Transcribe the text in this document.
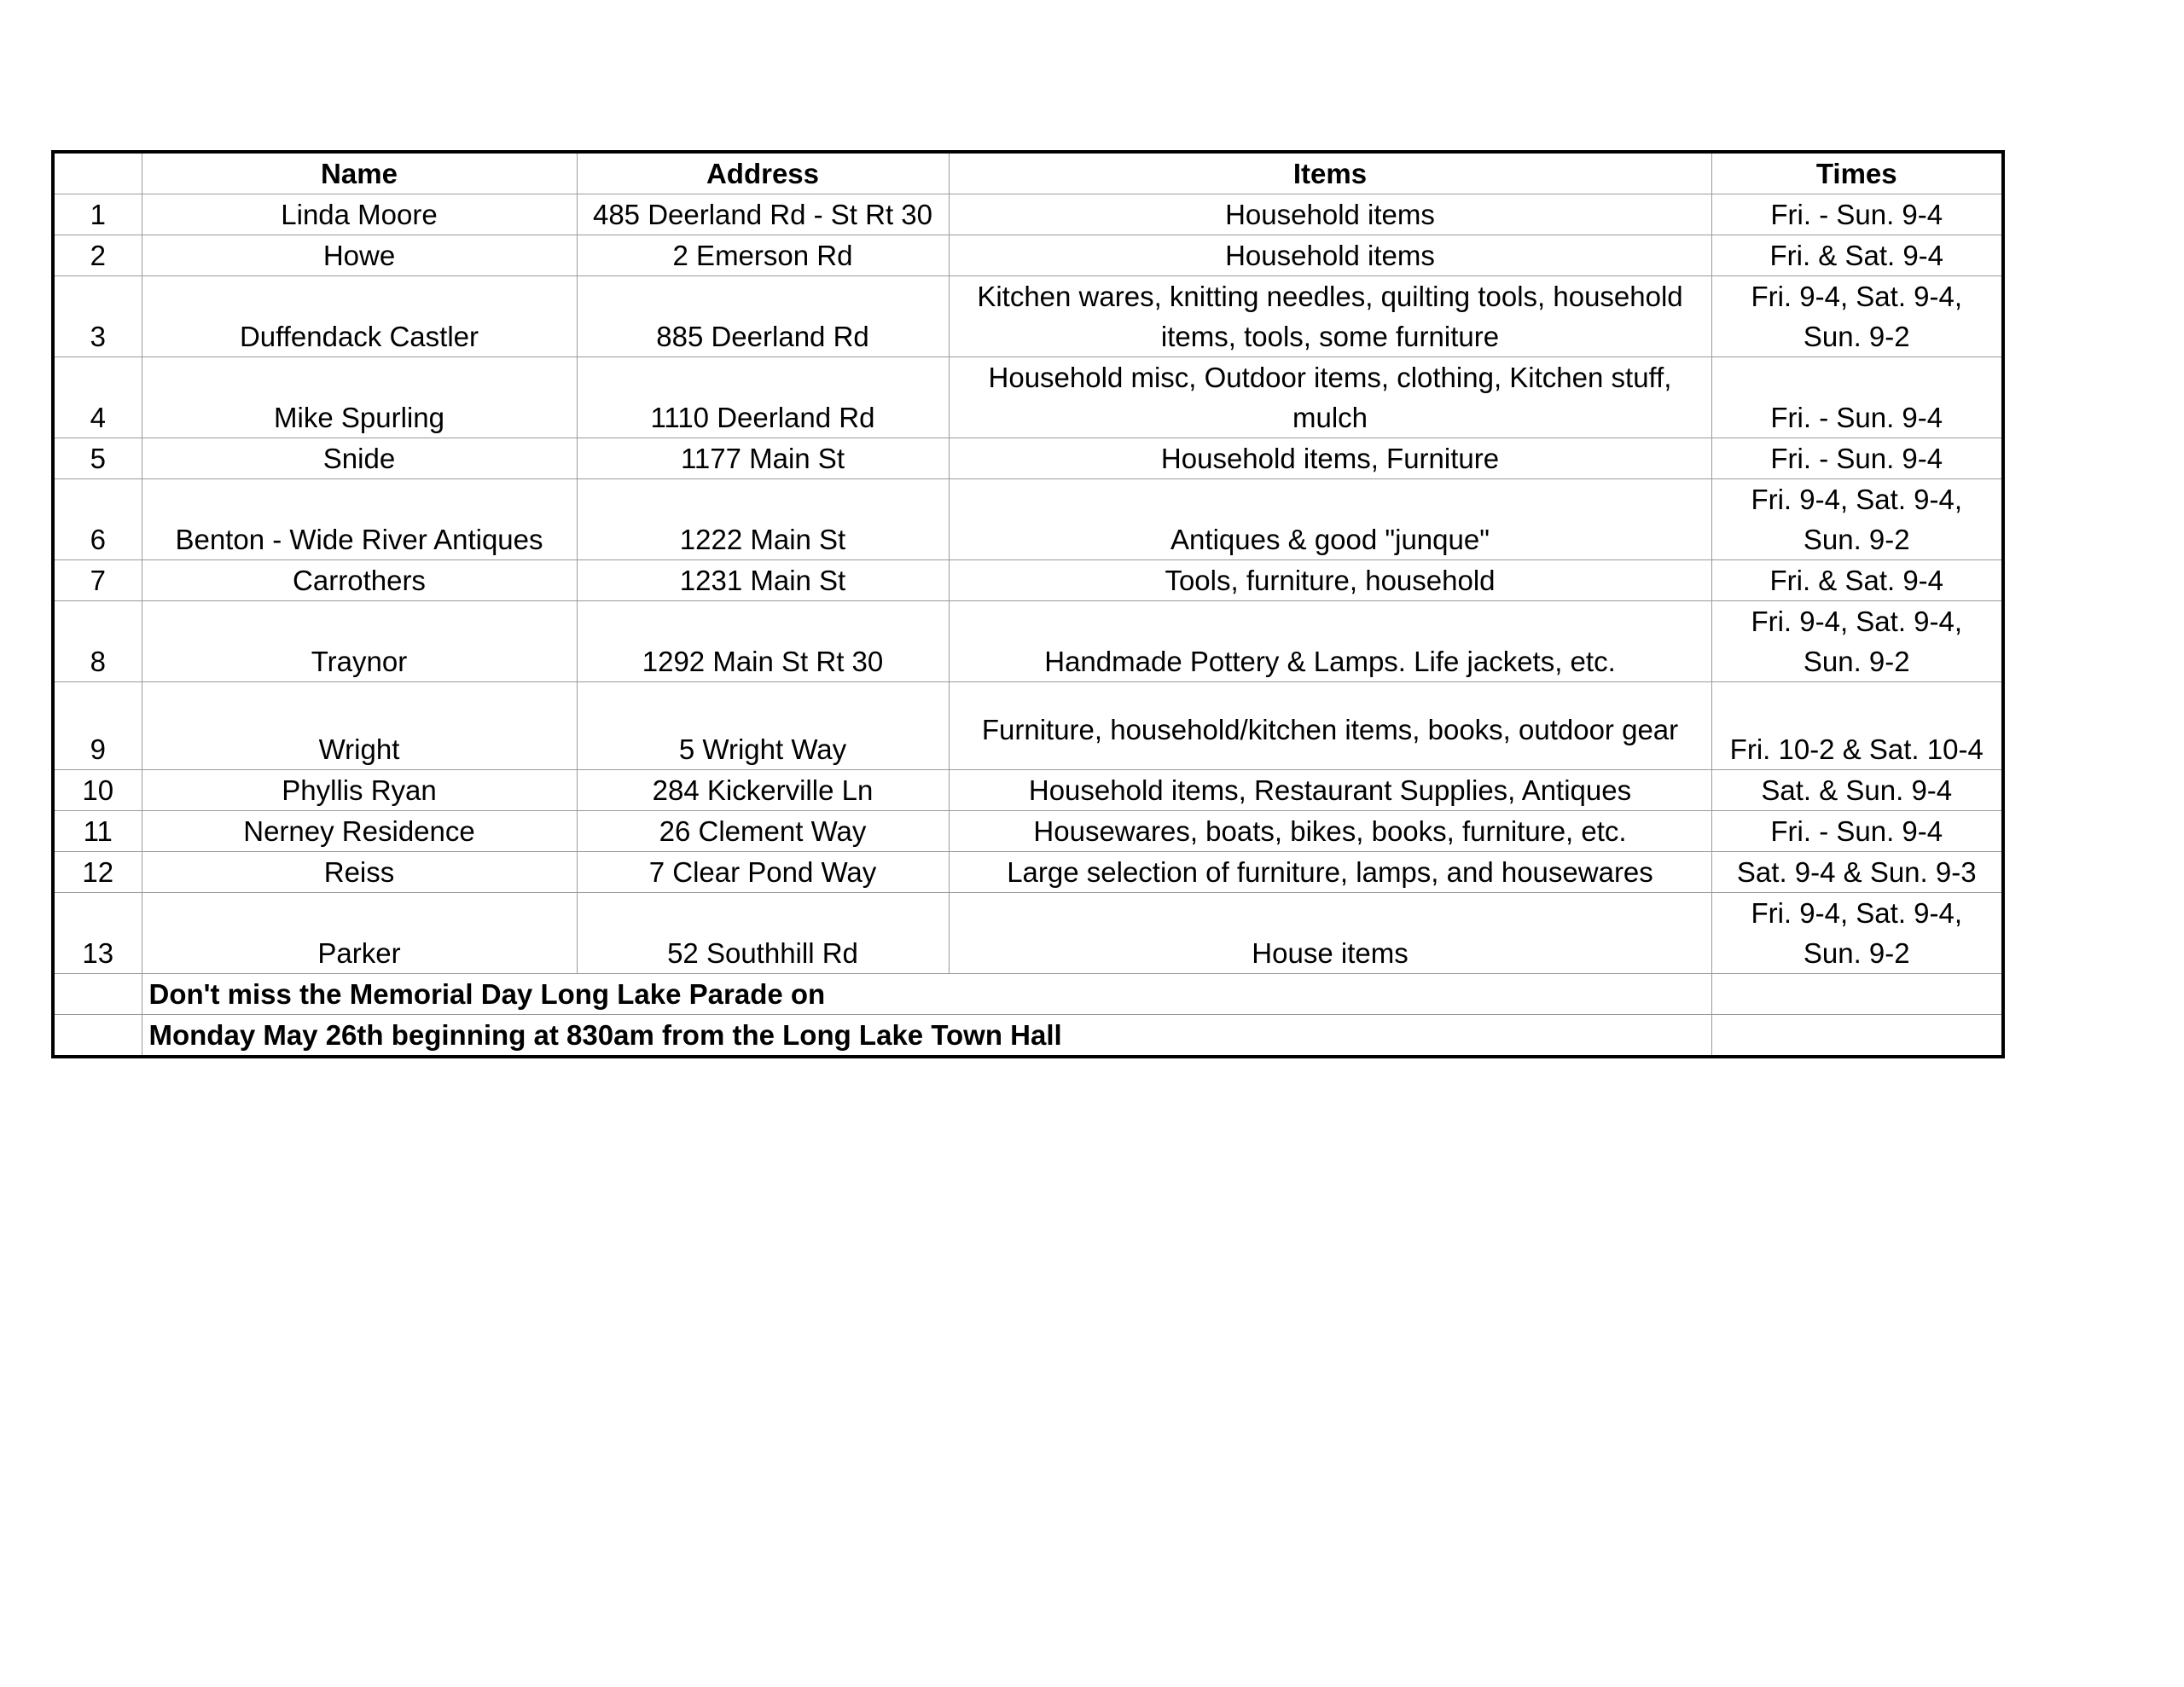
	Name	Address	Items	Times
1	Linda Moore	485 Deerland Rd - St Rt 30	Household items	Fri. - Sun. 9-4
2	Howe	2 Emerson Rd	Household items	Fri. & Sat. 9-4
3	Duffendack Castler	885 Deerland Rd	Kitchen wares, knitting needles, quilting tools, household items, tools, some furniture	Fri. 9-4, Sat. 9-4, Sun. 9-2
4	Mike Spurling	1110 Deerland Rd	Household misc, Outdoor items, clothing, Kitchen stuff, mulch	Fri. - Sun. 9-4
5	Snide	1177 Main St	Household items, Furniture	Fri. - Sun. 9-4
6	Benton - Wide River Antiques	1222 Main St	Antiques & good "junque"	Fri. 9-4, Sat. 9-4, Sun. 9-2
7	Carrothers	1231 Main St	Tools, furniture, household	Fri. & Sat. 9-4
8	Traynor	1292 Main St Rt 30	Handmade Pottery & Lamps. Life jackets, etc.	Fri. 9-4, Sat. 9-4, Sun. 9-2
9	Wright	5 Wright Way	Furniture, household/kitchen items, books, outdoor gear	Fri. 10-2 & Sat. 10-4
10	Phyllis Ryan	284 Kickerville Ln	Household items, Restaurant Supplies, Antiques	Sat. & Sun. 9-4
11	Nerney Residence	26 Clement Way	Housewares, boats, bikes, books, furniture, etc.	Fri. - Sun. 9-4
12	Reiss	7 Clear Pond Way	Large selection of furniture, lamps, and housewares	Sat. 9-4 & Sun. 9-3
13	Parker	52 Southhill Rd	House items	Fri. 9-4, Sat. 9-4, Sun. 9-2
	Don't miss the Memorial Day Long Lake Parade on			
	Monday May 26th beginning at 830am from the Long Lake Town Hall			
